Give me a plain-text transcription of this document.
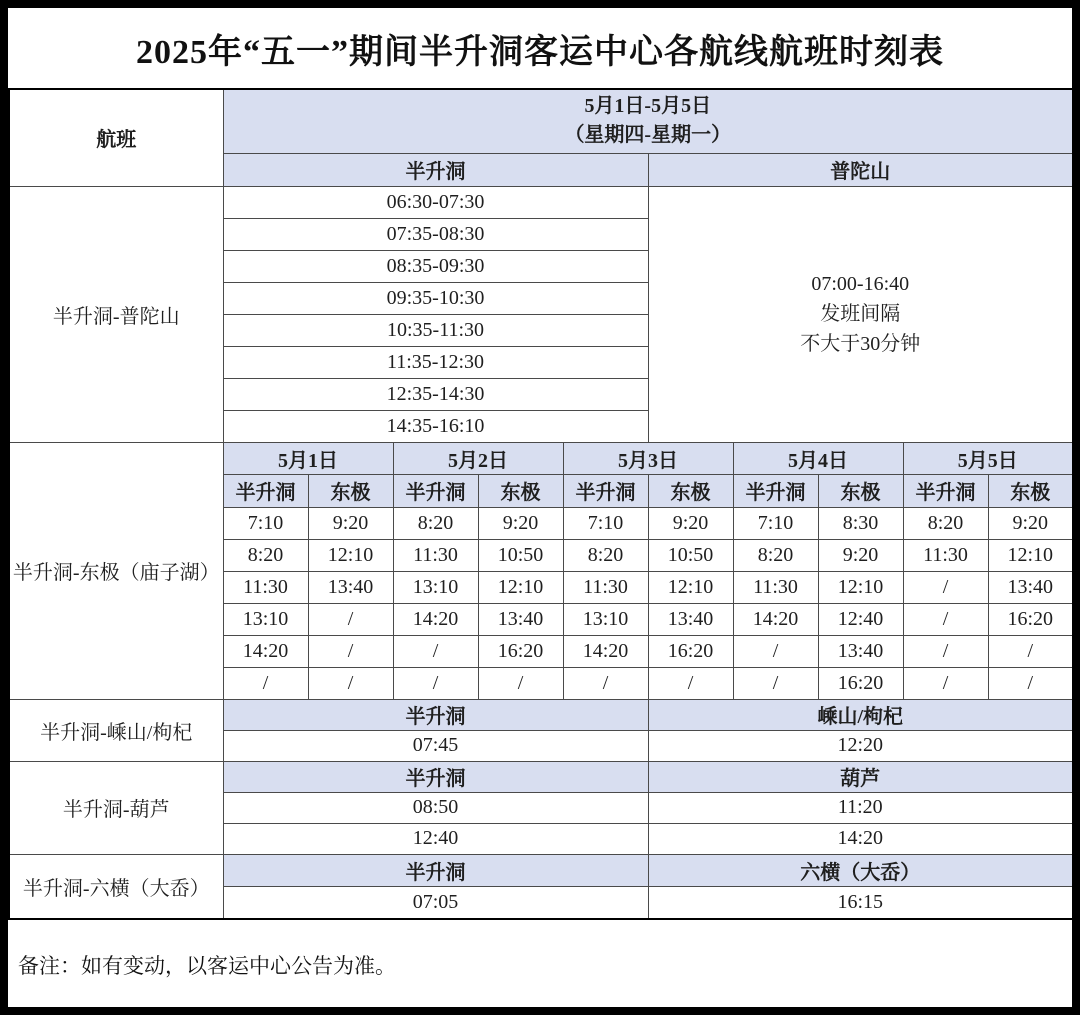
2025年“五一”期间半升洞客运中心各航线航班时刻表
航班	5月1日-5月5日
（星期四-星期一）									

	半升洞					普陀山				
半升洞-普陀山	06:30-07:30					07:00-16:40
发班间隔
不大于30分钟				

	07:35-08:30									
	08:35-09:30									
	09:35-10:30									
	10:35-11:30									
	11:35-12:30									
	12:35-14:30									
	14:35-16:10									
半升洞-东极（庙子湖）	5月1日		5月2日		5月3日		5月4日		5月5日	
	半升洞	东极	半升洞	东极	半升洞	东极	半升洞	东极	半升洞	东极
	7:10	9:20	8:20	9:20	7:10	9:20	7:10	8:30	8:20	9:20
	8:20	12:10	11:30	10:50	8:20	10:50	8:20	9:20	11:30	12:10
	11:30	13:40	13:10	12:10	11:30	12:10	11:30	12:10	/	13:40
	13:10	/	14:20	13:40	13:10	13:40	14:20	12:40	/	16:20
	14:20	/	/	16:20	14:20	16:20	/	13:40	/	/
	/	/	/	/	/	/	/	16:20	/	/
半升洞-嵊山/枸杞	半升洞					嵊山/枸杞				
	07:45					12:20				
半升洞-葫芦	半升洞					葫芦				
	08:50					11:20				
	12:40					14:20				
半升洞-六横（大岙）	半升洞					六横（大岙）				
	07:05					16:15				
备注：如有变动，以客运中心公告为准。
